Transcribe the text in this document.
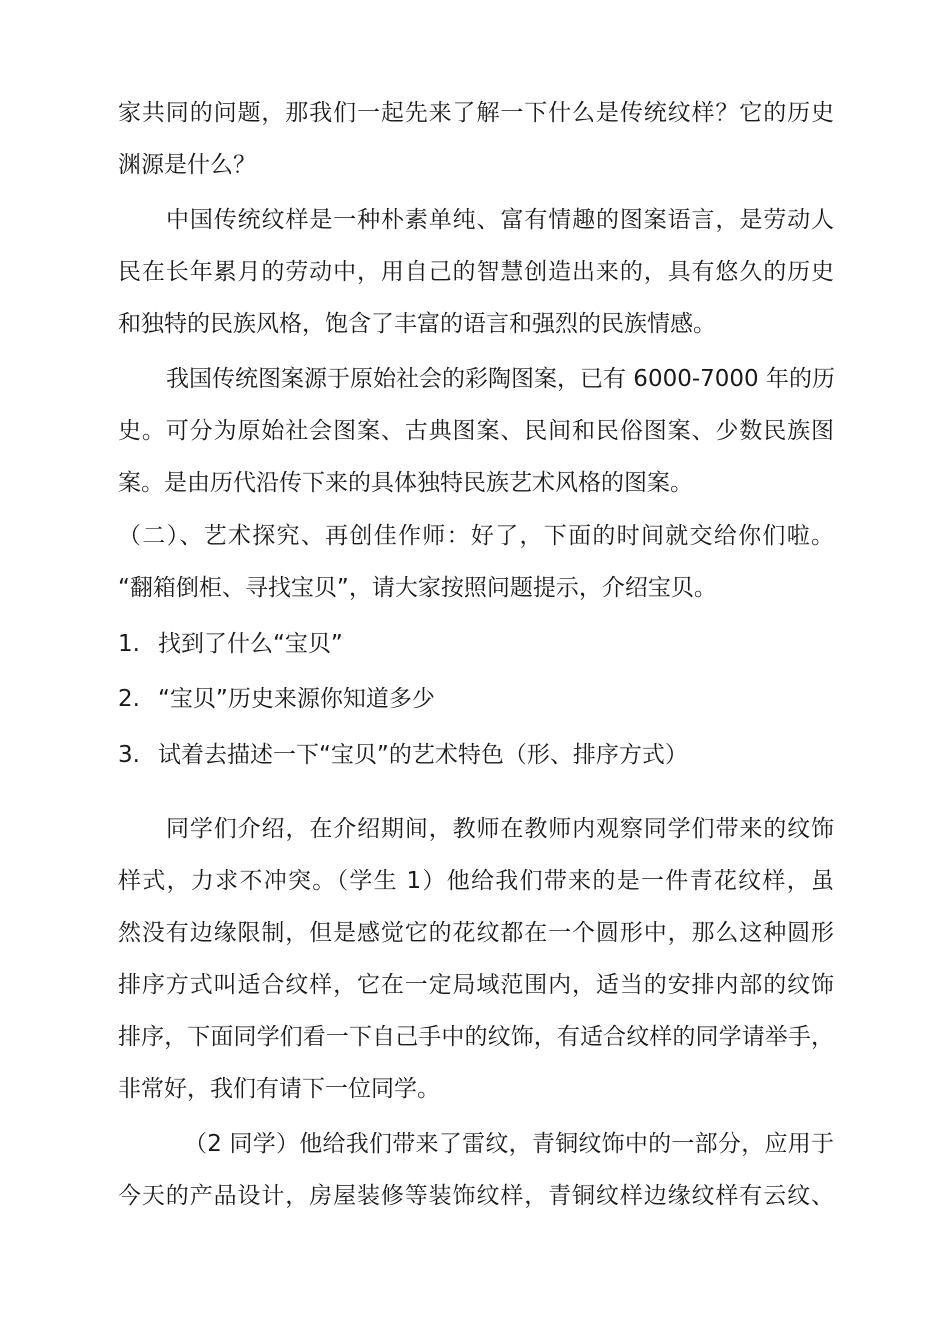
家共同的问题，那我们一起先来了解一下什么是传统纹样？它的历史
渊源是什么？
中国传统纹样是一种朴素单纯、富有情趣的图案语言，是劳动人
民在长年累月的劳动中，用自己的智慧创造出来的，具有悠久的历史
和独特的民族风格，饱含了丰富的语言和强烈的民族情感。
我国传统图案源于原始社会的彩陶图案，已有 6000-7000 年的历
史。可分为原始社会图案、古典图案、民间和民俗图案、少数民族图
案。是由历代沿传下来的具体独特民族艺术风格的图案。
（二）、艺术探究、再创佳作师：好了，下面的时间就交给你们啦。
“翻箱倒柜、寻找宝贝”，请大家按照问题提示，介绍宝贝。
1. 找到了什么“宝贝”
2. “宝贝”历史来源你知道多少
3. 试着去描述一下“宝贝”的艺术特色（形、排序方式）
同学们介绍，在介绍期间，教师在教师内观察同学们带来的纹饰
样式，力求不冲突。（学生 1）他给我们带来的是一件青花纹样，虽
然没有边缘限制，但是感觉它的花纹都在一个圆形中，那么这种圆形
排序方式叫适合纹样，它在一定局域范围内，适当的安排内部的纹饰
排序，下面同学们看一下自己手中的纹饰，有适合纹样的同学请举手，
非常好，我们有请下一位同学。
（2 同学）他给我们带来了雷纹，青铜纹饰中的一部分，应用于
今天的产品设计，房屋装修等装饰纹样，青铜纹样边缘纹样有云纹、
